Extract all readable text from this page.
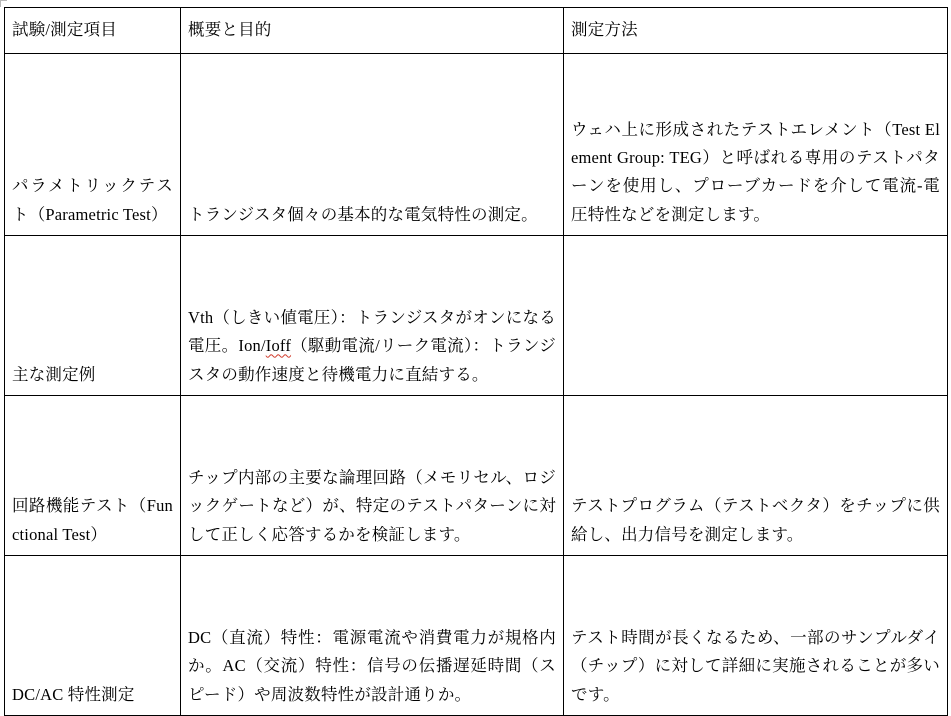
試験/測定項目	概要と目的	測定方法

パラメトリックテスト（Parametric Test）	トランジスタ個々の基本的な電気特性の測定。	ウェハ上に形成されたテストエレメント（Test Element Group: TEG）と呼ばれる専用のテストパターンを使用し、プローブカードを介して電流-電圧特性などを測定します。

主な測定例	Vth（しきい値電圧）：トランジスタがオンになる電圧。Ion/Ioff（駆動電流/リーク電流）：トランジスタの動作速度と待機電力に直結する。	

回路機能テスト（Functional Test）	チップ内部の主要な論理回路（メモリセル、ロジックゲートなど）が、特定のテストパターンに対して正しく応答するかを検証します。	テストプログラム（テストベクタ）をチップに供給し、出力信号を測定します。

DC/AC 特性測定	DC（直流）特性：電源電流や消費電力が規格内か。AC（交流）特性：信号の伝播遅延時間（スピード）や周波数特性が設計通りか。	テスト時間が長くなるため、一部のサンプルダイ（チップ）に対して詳細に実施されることが多いです。
